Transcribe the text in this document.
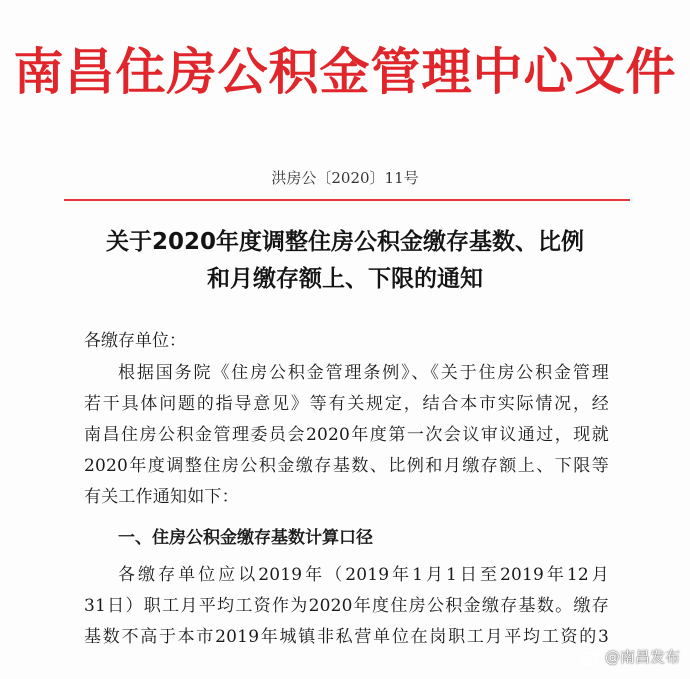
南昌住房公积金管理中心文件
洪房公〔2020〕11号
关于2020年度调整住房公积金缴存基数、比例
和月缴存额上、下限的通知
各缴存单位：
根据国务院《住房公积金管理条例》、《关于住房公积金管理
若干具体问题的指导意见》等有关规定，结合本市实际情况，经
南昌住房公积金管理委员会2020年度第一次会议审议通过，现就
2020年度调整住房公积金缴存基数、比例和月缴存额上、下限等
有关工作通知如下：
一、住房公积金缴存基数计算口径
各缴存单位应以2019年（2019年1月1日至2019年12月
31日）职工月平均工资作为2020年度住房公积金缴存基数。缴存
基数不高于本市2019年城镇非私营单位在岗职工月平均工资的3
@南昌发布
